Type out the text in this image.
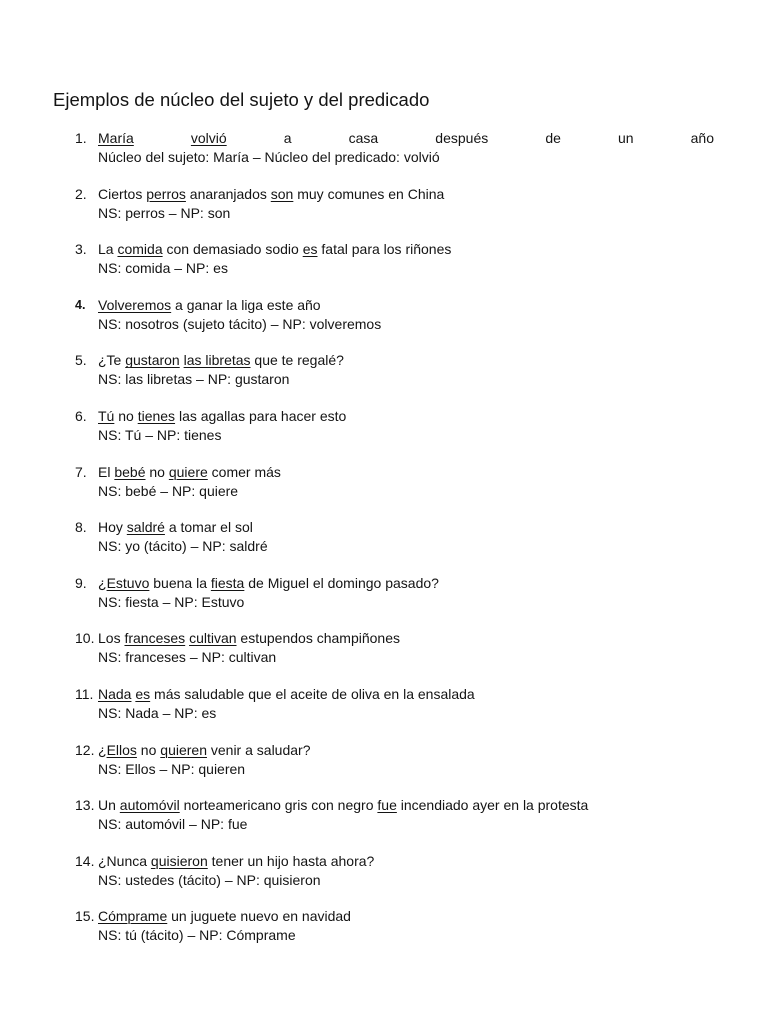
Ejemplos de núcleo del sujeto y del predicado
1. María	volvió a casa después de un año
Núcleo del sujeto: María – Núcleo del predicado: volvió
2. Ciertos perros anaranjados son muy comunes en China
NS: perros – NP: son
3. La comida con demasiado sodio es fatal para los riñones
NS: comida – NP: es
4. Volveremos a ganar la liga este año
NS: nosotros (sujeto tácito) – NP: volveremos
5. ¿Te gustaron las libretas que te regalé?
NS: las libretas – NP: gustaron
6. Tú no tienes las agallas para hacer esto
NS: Tú – NP: tienes
7. El bebé no quiere comer más
NS: bebé – NP: quiere
8. Hoy saldré a tomar el sol
NS: yo (tácito) – NP: saldré
9. ¿Estuvo buena la fiesta de Miguel el domingo pasado?
NS: fiesta – NP: Estuvo
10. Los franceses cultivan estupendos champiñones
NS: franceses – NP: cultivan
11. Nada es más saludable que el aceite de oliva en la ensalada
NS: Nada – NP: es
12. ¿Ellos no quieren venir a saludar?
NS: Ellos – NP: quieren
13. Un automóvil norteamericano gris con negro fue incendiado ayer en la protesta
NS: automóvil – NP: fue
14. ¿Nunca quisieron tener un hijo hasta ahora?
NS: ustedes (tácito) – NP: quisieron
15. Cómprame un juguete nuevo en navidad
NS: tú (tácito) – NP: Cómprame
